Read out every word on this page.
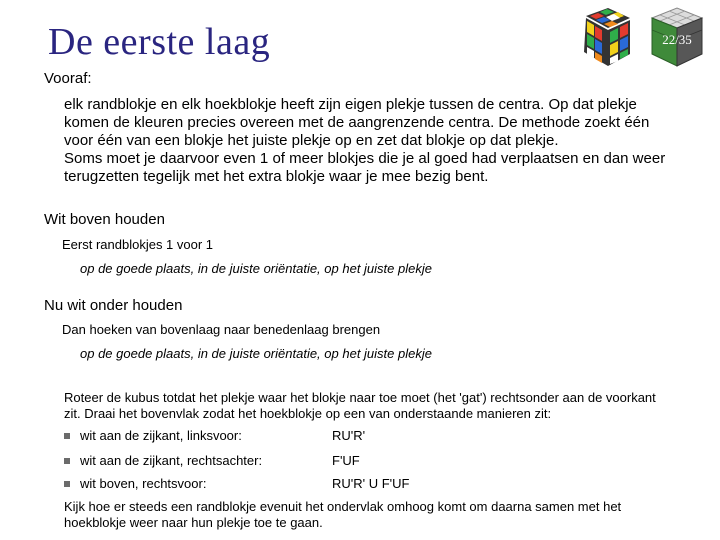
De eerste laag	22/35
Vooraf:
elk randblokje en elk hoekblokje heeft zijn eigen plekje tussen de centra. Op dat plekje
komen de kleuren precies overeen met de aangrenzende centra. De methode zoekt één
voor één van een blokje het juiste plekje op en zet dat blokje op dat plekje.
Soms moet je daarvoor even 1 of meer blokjes die je al goed had verplaatsen en dan weer
terugzetten tegelijk met het extra blokje waar je mee bezig bent.
Wit boven houden
Eerst randblokjes 1 voor 1
op de goede plaats, in de juiste oriëntatie, op het juiste plekje
Nu wit onder houden
Dan hoeken van bovenlaag naar benedenlaag brengen
op de goede plaats, in de juiste oriëntatie, op het juiste plekje
Roteer de kubus totdat het plekje waar het blokje naar toe moet (het 'gat') rechtsonder aan de voorkant
zit. Draai het bovenvlak zodat het hoekblokje op een van onderstaande manieren zit:
wit aan de zijkant, linksvoor:	RU'R'
wit aan de zijkant, rechtsachter:	F'UF
wit boven, rechtsvoor:	RU'R' U F'UF
Kijk hoe er steeds een randblokje evenuit het ondervlak omhoog komt om daarna samen met het
hoekblokje weer naar hun plekje toe te gaan.
